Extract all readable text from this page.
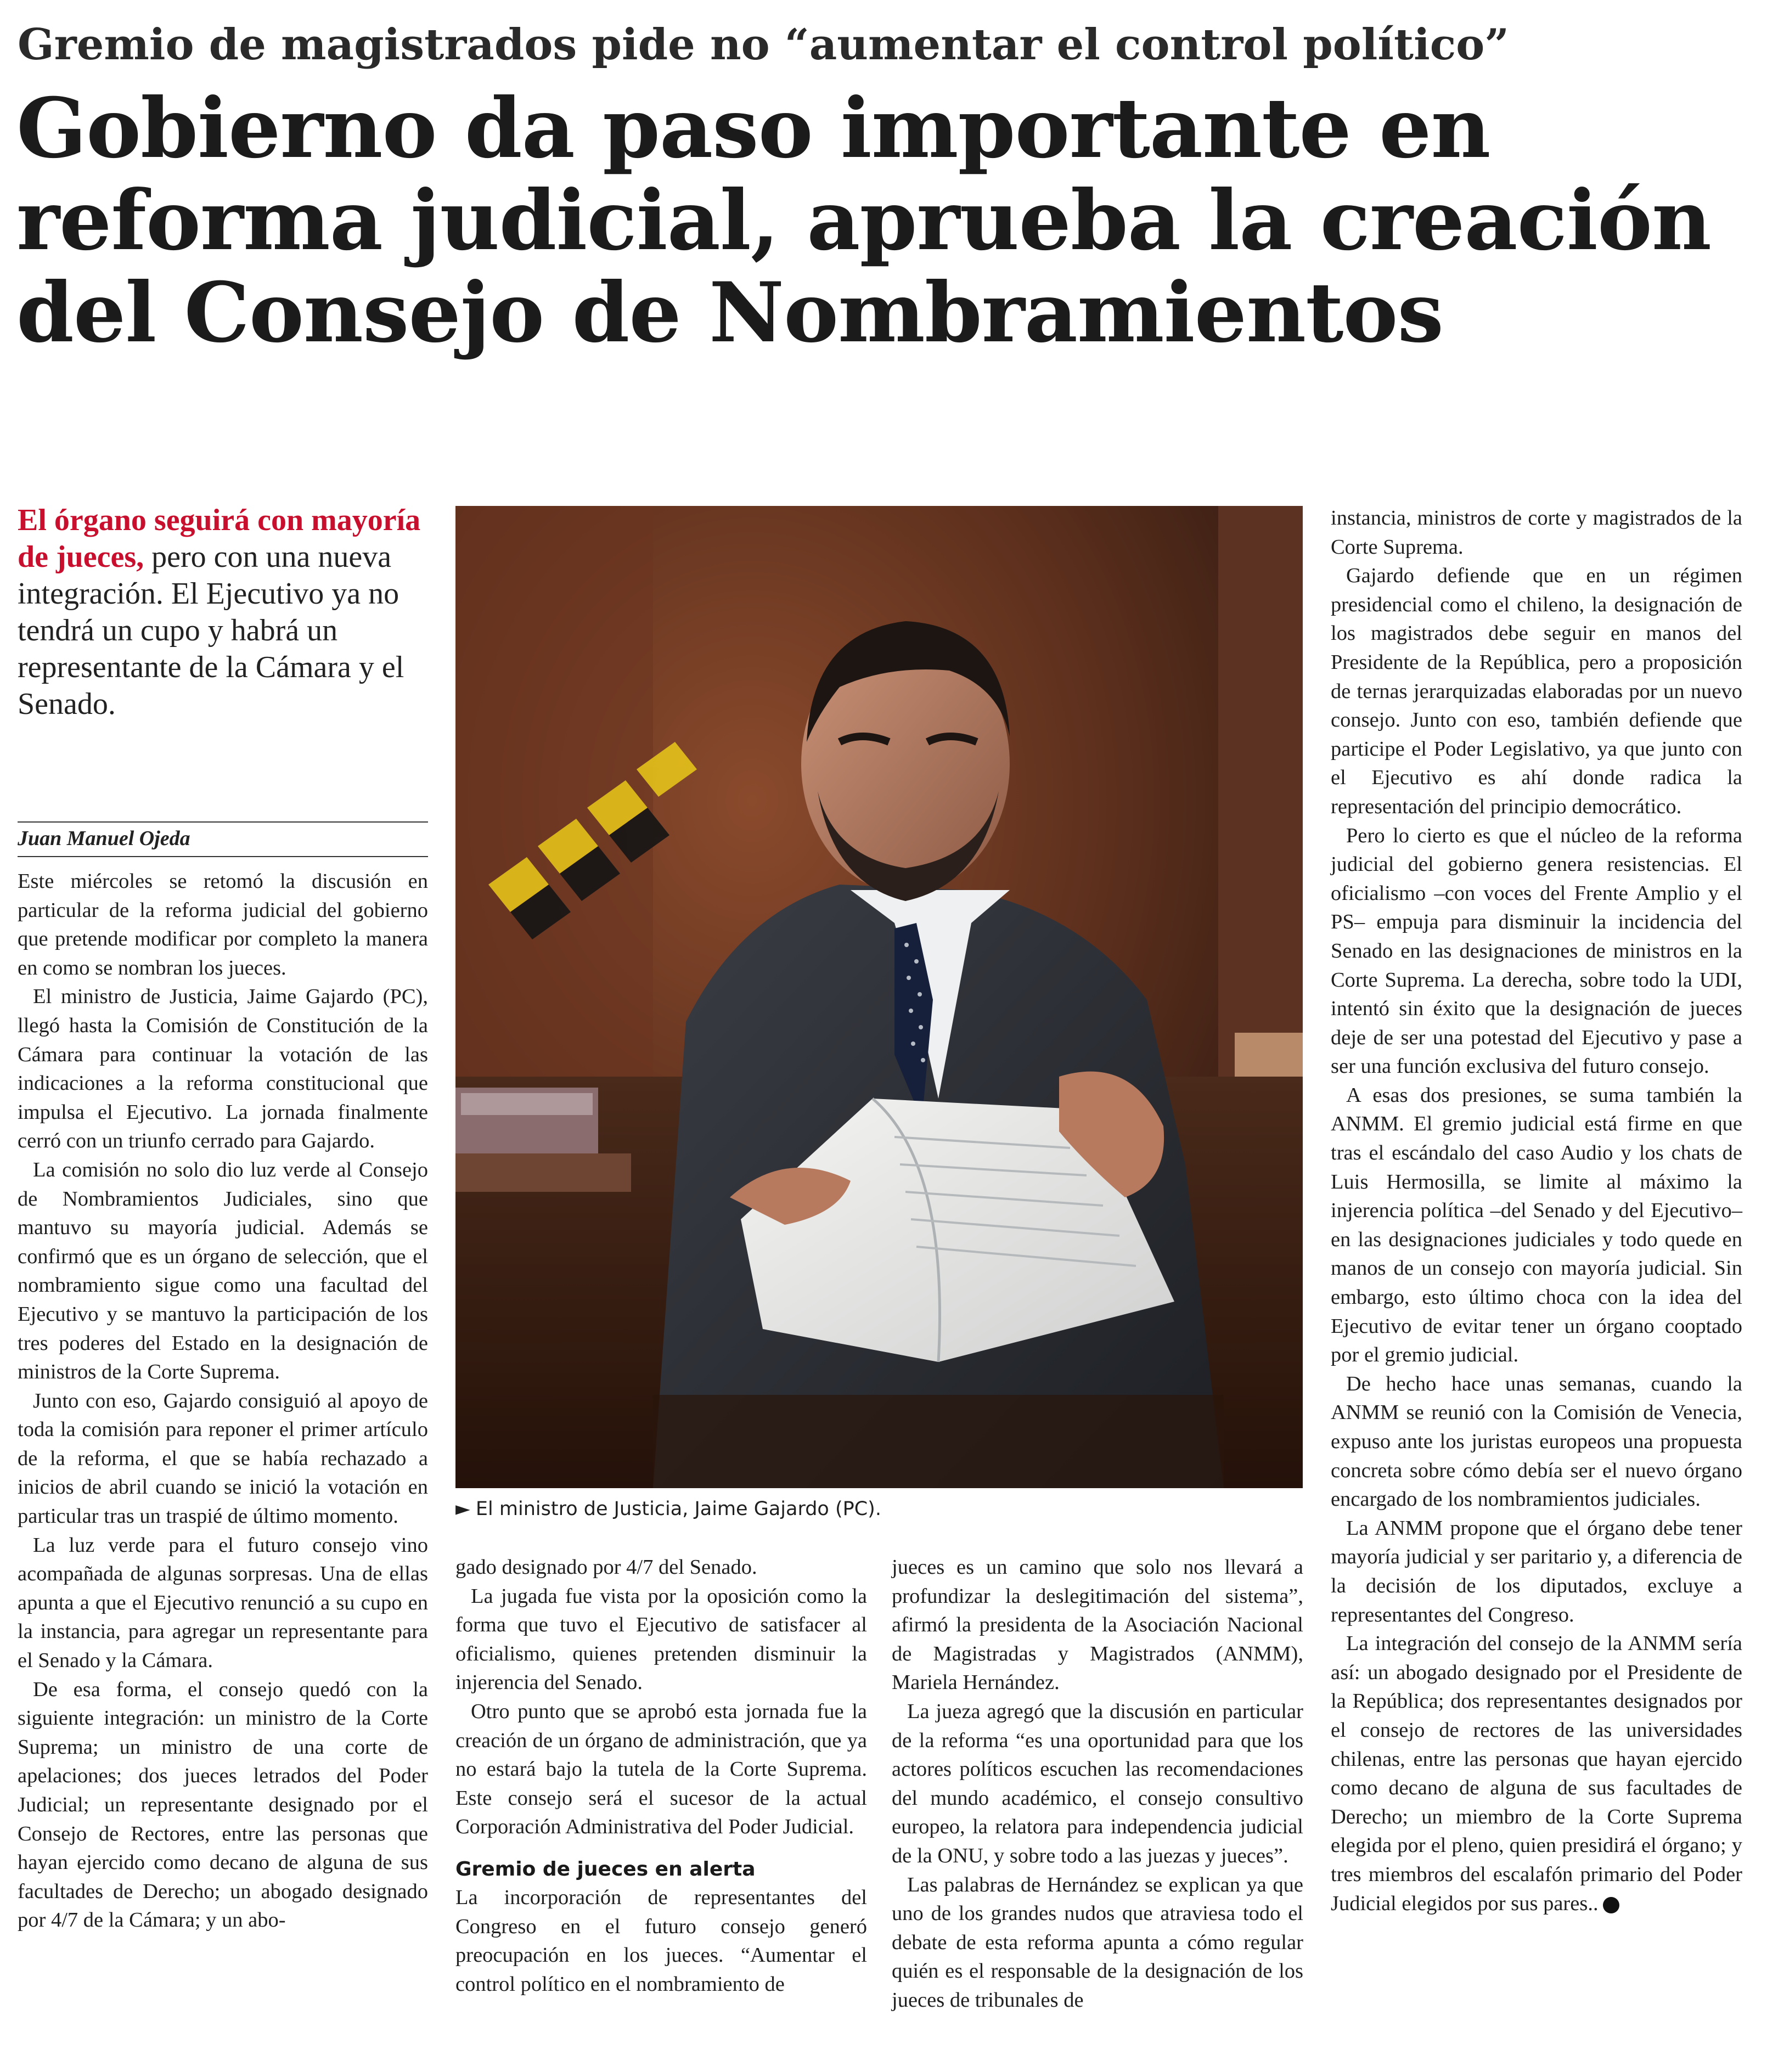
Gremio de magistrados pide no “aumentar el control político”
Gobierno da paso importante en
reforma judicial, aprueba la creación
del Consejo de Nombramientos
El órgano seguirá con mayoría de jueces, pero con una nueva integración. El Ejecutivo ya no tendrá un cupo y habrá un representante de la Cámara y el Senado.
Juan Manuel Ojeda

Este miércoles se retomó la discusión en particular de la reforma judicial del gobierno que pretende modificar por completo la manera en como se nombran los jueces.

El ministro de Justicia, Jaime Gajardo (PC), llegó hasta la Comisión de Constitución de la Cámara para continuar la votación de las indicaciones a la reforma constitucional que impulsa el Ejecutivo. La jornada finalmente cerró con un triunfo cerrado para Gajardo.

La comisión no solo dio luz verde al Consejo de Nombramientos Judiciales, sino que mantuvo su mayoría judicial. Además se confirmó que es un órgano de selección, que el nombramiento sigue como una facultad del Ejecutivo y se mantuvo la participación de los tres poderes del Estado en la designación de ministros de la Corte Suprema.

Junto con eso, Gajardo consiguió al apoyo de toda la comisión para reponer el primer artículo de la reforma, el que se había rechazado a inicios de abril cuando se inició la votación en particular tras un traspié de último momento.

La luz verde para el futuro consejo vino acompañada de algunas sorpresas. Una de ellas apunta a que el Ejecutivo renunció a su cupo en la instancia, para agregar un representante para el Senado y la Cámara.

De esa forma, el consejo quedó con la siguiente integración: un ministro de la Corte Suprema; un ministro de una corte de apelaciones; dos jueces letrados del Poder Judicial; un representante designado por el Consejo de Rectores, entre las personas que hayan ejercido como decano de alguna de sus facultades de Derecho; un abogado designado por 4/7 de la Cámara; y un abo-

► El ministro de Justicia, Jaime Gajardo (PC).

gado designado por 4/7 del Senado.

La jugada fue vista por la oposición como la forma que tuvo el Ejecutivo de satisfacer al oficialismo, quienes pretenden disminuir la injerencia del Senado.

Otro punto que se aprobó esta jornada fue la creación de un órgano de administración, que ya no estará bajo la tutela de la Corte Suprema. Este consejo será el sucesor de la actual Corporación Administrativa del Poder Judicial.

Gremio de jueces en alerta

La incorporación de representantes del Congreso en el futuro consejo generó preocupación en los jueces. “Aumentar el control político en el nombramiento de

jueces es un camino que solo nos llevará a profundizar la deslegitimación del sistema”, afirmó la presidenta de la Asociación Nacional de Magistradas y Magistrados (ANMM), Mariela Hernández.

La jueza agregó que la discusión en particular de la reforma “es una oportunidad para que los actores políticos escuchen las recomendaciones del mundo académico, el consejo consultivo europeo, la relatora para independencia judicial de la ONU, y sobre todo a las juezas y jueces”.

Las palabras de Hernández se explican ya que uno de los grandes nudos que atraviesa todo el debate de esta reforma apunta a cómo regular quién es el responsable de la designación de los jueces de tribunales de

instancia, ministros de corte y magistrados de la Corte Suprema.

Gajardo defiende que en un régimen presidencial como el chileno, la designación de los magistrados debe seguir en manos del Presidente de la República, pero a proposición de ternas jerarquizadas elaboradas por un nuevo consejo. Junto con eso, también defiende que participe el Poder Legislativo, ya que junto con el Ejecutivo es ahí donde radica la representación del principio democrático.

Pero lo cierto es que el núcleo de la reforma judicial del gobierno genera resistencias. El oficialismo –con voces del Frente Amplio y el PS– empuja para disminuir la incidencia del Senado en las designaciones de ministros en la Corte Suprema. La derecha, sobre todo la UDI, intentó sin éxito que la designación de jueces deje de ser una potestad del Ejecutivo y pase a ser una función exclusiva del futuro consejo.

A esas dos presiones, se suma también la ANMM. El gremio judicial está firme en que tras el escándalo del caso Audio y los chats de Luis Hermosilla, se limite al máximo la injerencia política –del Senado y del Ejecutivo– en las designaciones judiciales y todo quede en manos de un consejo con mayoría judicial. Sin embargo, esto último choca con la idea del Ejecutivo de evitar tener un órgano cooptado por el gremio judicial.

De hecho hace unas semanas, cuando la ANMM se reunió con la Comisión de Venecia, expuso ante los juristas europeos una propuesta concreta sobre cómo debía ser el nuevo órgano encargado de los nombramientos judiciales.

La ANMM propone que el órgano debe tener mayoría judicial y ser paritario y, a diferencia de la decisión de los diputados, excluye a representantes del Congreso.

La integración del consejo de la ANMM sería así: un abogado designado por el Presidente de la República; dos representantes designados por el consejo de rectores de las universidades chilenas, entre las personas que hayan ejercido como decano de alguna de sus facultades de Derecho; un miembro de la Corte Suprema elegida por el pleno, quien presidirá el órgano; y tres miembros del escalafón primario del Poder Judicial elegidos por sus pares..
